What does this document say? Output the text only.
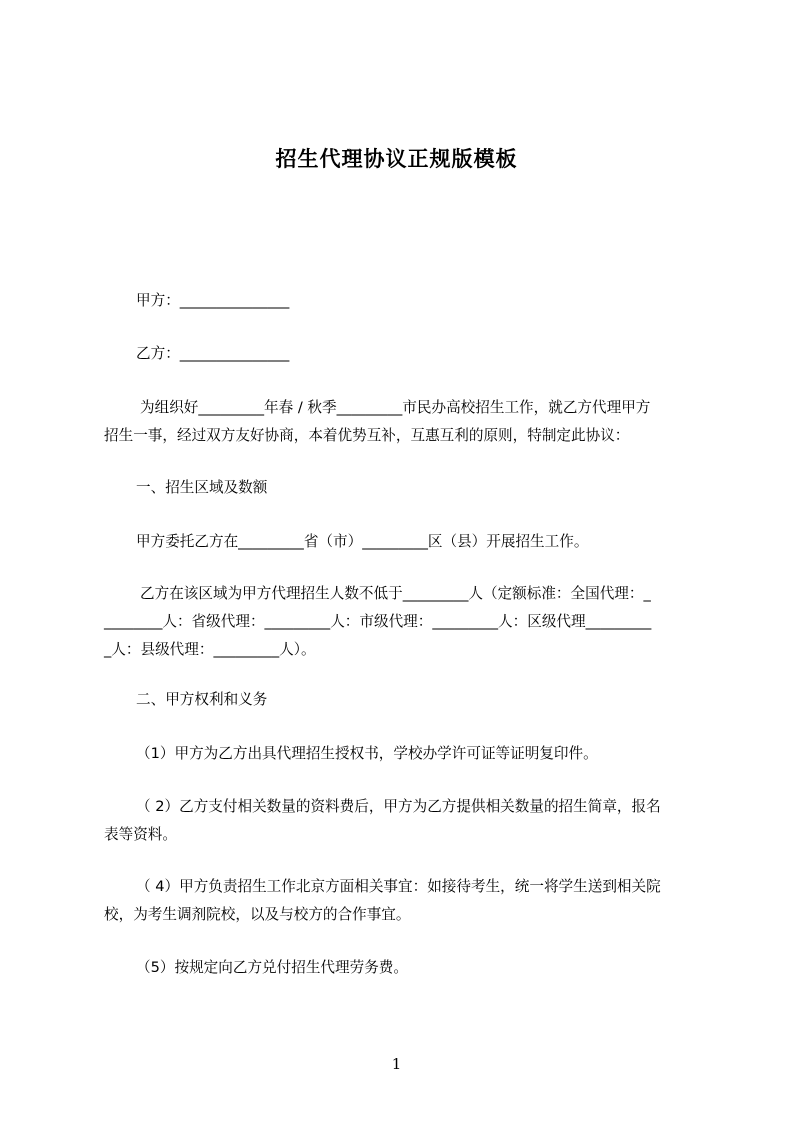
招生代理协议正规版模板
甲方：_______________
乙方：_______________
为组织好_________年春 / 秋季_________市民办高校招生工作，就乙方代理甲方
招生一事，经过双方友好协商，本着优势互补，互惠互利的原则，特制定此协议：
一、招生区域及数额
甲方委托乙方在_________省（市）_________区（县）开展招生工作。
乙方在该区域为甲方代理招生人数不低于_________人（定额标准：全国代理：_
________人：省级代理：_________人：市级代理：_________人：区级代理_________
_人：县级代理：_________人）。
二、甲方权利和义务
（1）甲方为乙方出具代理招生授权书，学校办学许可证等证明复印件。
（ 2）乙方支付相关数量的资料费后，甲方为乙方提供相关数量的招生简章，报名
表等资料。
（ 4）甲方负责招生工作北京方面相关事宜：如接待考生，统一将学生送到相关院
校，为考生调剂院校，以及与校方的合作事宜。
（5）按规定向乙方兑付招生代理劳务费。
1
